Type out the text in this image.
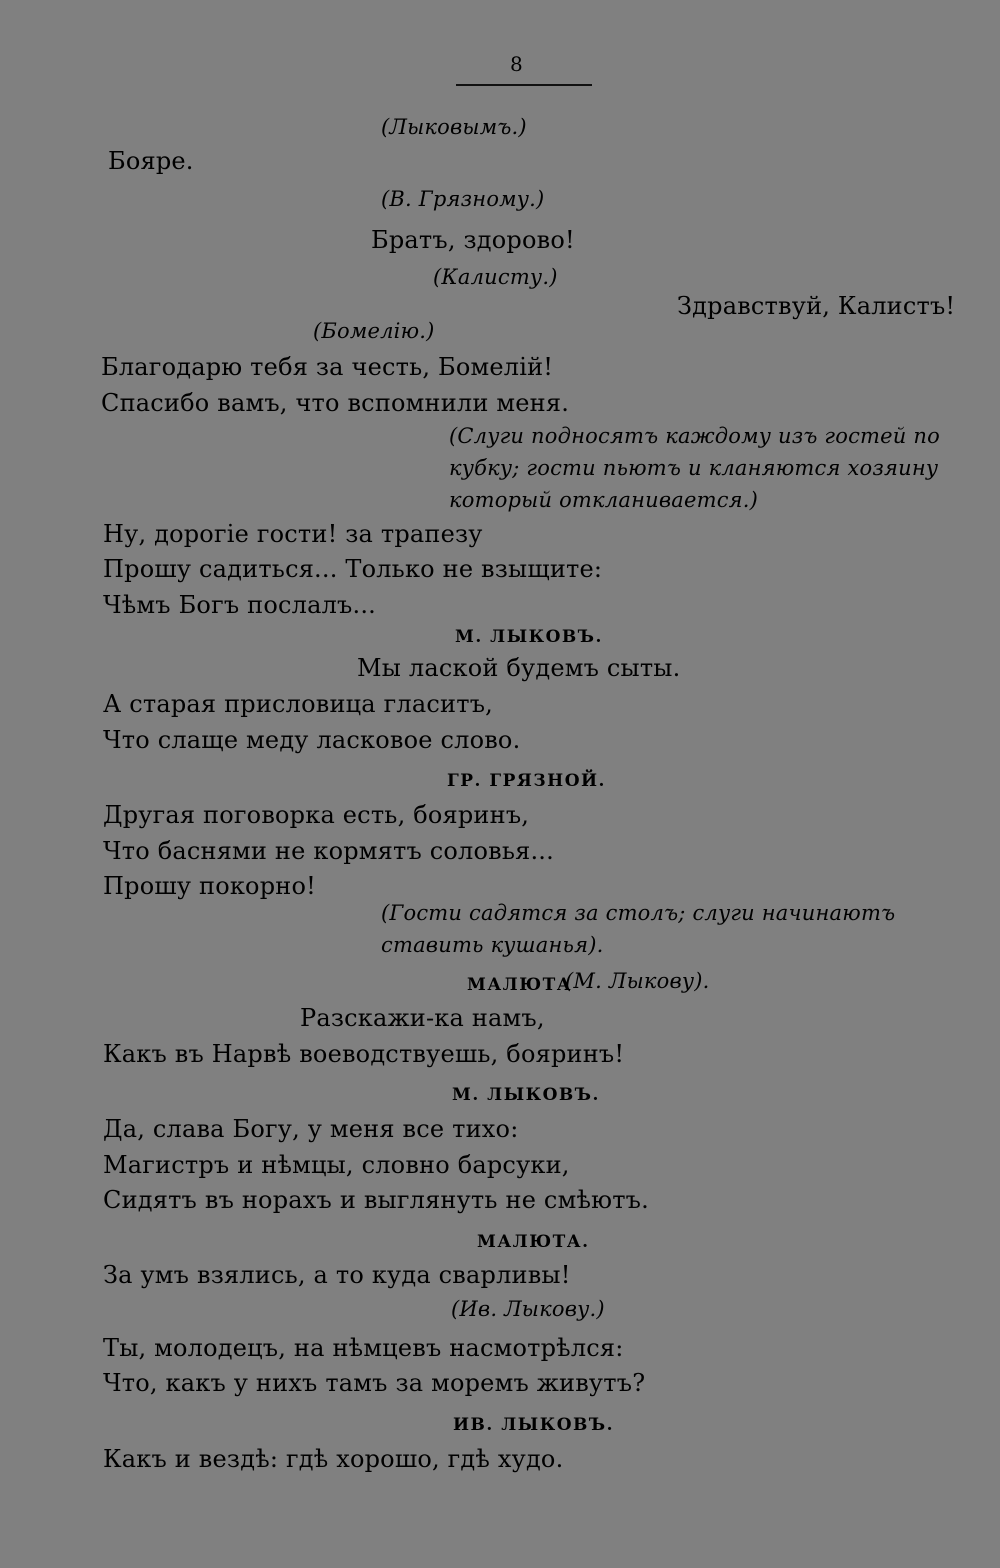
8
(Лыковымъ.)
Бояре.
(В. Грязному.)
Братъ, здорово!
(Калисту.)
Здравствуй, Калистъ!
(Бомелію.)
Благодарю тебя за честь, Бомелій!
Спасибо вамъ, что вспомнили меня.
(Слуги подносятъ каждому изъ гостей по
кубку; гости пьютъ и кланяются хозяину
который откланивается.)
Ну, дорогіе гости! за трапезу
Прошу садиться... Только не взыщите:
Чѣмъ Богъ послалъ...
М. ЛЫКОВЪ.
Мы лаской будемъ сыты.
А старая присловица гласитъ,
Что слаще меду ласковое слово.
ГР. ГРЯЗНОЙ.
Другая поговорка есть, бояринъ,
Что баснями не кормятъ соловья...
Прошу покорно!
(Гости садятся за столъ; слуги начинаютъ
ставить кушанья).
МАЛЮТА
(М. Лыкову).
Разскажи-ка намъ,
Какъ въ Нарвѣ воеводствуешь, бояринъ!
М. ЛЫКОВЪ.
Да, слава Богу, у меня все тихо:
Магистръ и нѣмцы, словно барсуки,
Сидятъ въ норахъ и выглянуть не смѣютъ.
МАЛЮТА.
За умъ взялись, а то куда сварливы!
(Ив. Лыкову.)
Ты, молодецъ, на нѣмцевъ насмотрѣлся:
Что, какъ у нихъ тамъ за моремъ живутъ?
ИВ. ЛЫКОВЪ.
Какъ и вездѣ: гдѣ хорошо, гдѣ худо.
